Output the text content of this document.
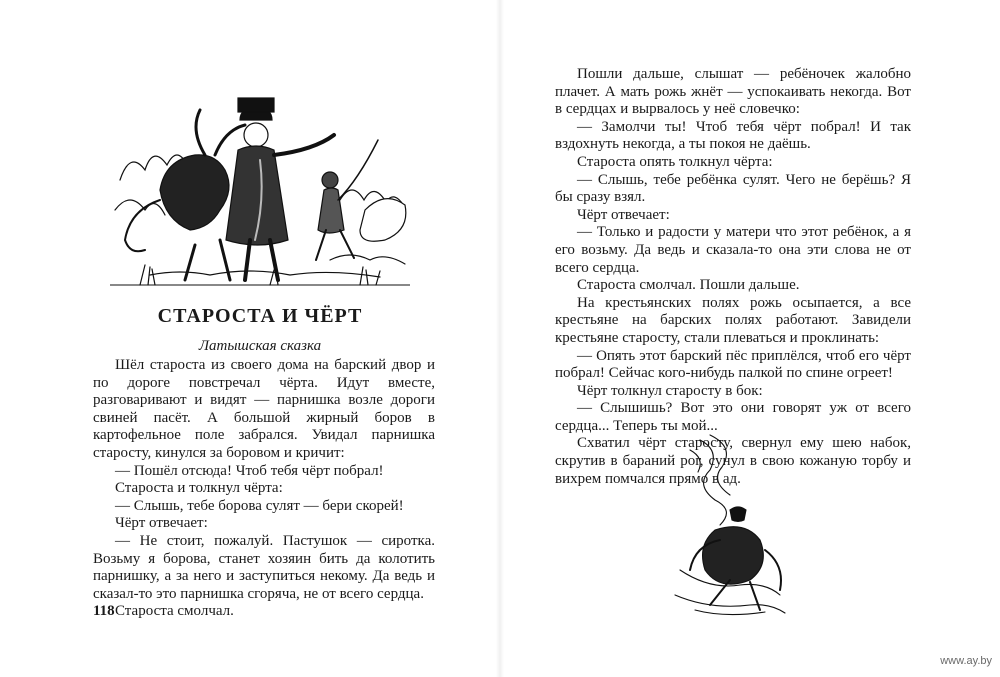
СТАРОСТА И ЧЁРТ

Латышская сказка

Шёл староста из своего дома на барский двор и по дороге повстречал чёрта. Идут вместе, разговаривают и видят — парнишка возле дороги свиней пасёт. А большой жирный боров в картофельное поле забрался. Увидал парнишка старосту, кинулся за боровом и кричит:

— Пошёл отсюда! Чтоб тебя чёрт побрал!

Староста и толкнул чёрта:

— Слышь, тебе борова сулят — бери скорей!

Чёрт отвечает:

— Не стоит, пожалуй. Пастушок — сиротка. Возьму я борова, станет хозяин бить да колотить парнишку, а за него и заступиться некому. Да ведь и сказал-то это парнишка сгоряча, не от всего сердца.

Староста смолчал.

118

Пошли дальше, слышат — ребёночек жалобно плачет. А мать рожь жнёт — успокаивать некогда. Вот в сердцах и вырвалось у неё словечко:

— Замолчи ты! Чтоб тебя чёрт побрал! И так вздохнуть некогда, а ты покоя не даёшь.

Староста опять толкнул чёрта:

— Слышь, тебе ребёнка сулят. Чего не берёшь? Я бы сразу взял.

Чёрт отвечает:

— Только и радости у матери что этот ребёнок, а я его возьму. Да ведь и сказала-то она эти слова не от всего сердца.

Староста смолчал. Пошли дальше.

На крестьянских полях рожь осыпается, а все крестьяне на барских полях работают. Завидели крестьяне старосту, стали плеваться и проклинать:

— Опять этот барский пёс приплёлся, чтоб его чёрт побрал! Сейчас кого-нибудь палкой по спине огреет!

Чёрт толкнул старосту в бок:

— Слышишь? Вот это они говорят уж от всего сердца... Теперь ты мой...

Схватил чёрт старосту, свернул ему шею набок, скрутив в бараний рог, сунул в свою кожаную торбу и вихрем помчался прямо в ад.

www.ay.by
